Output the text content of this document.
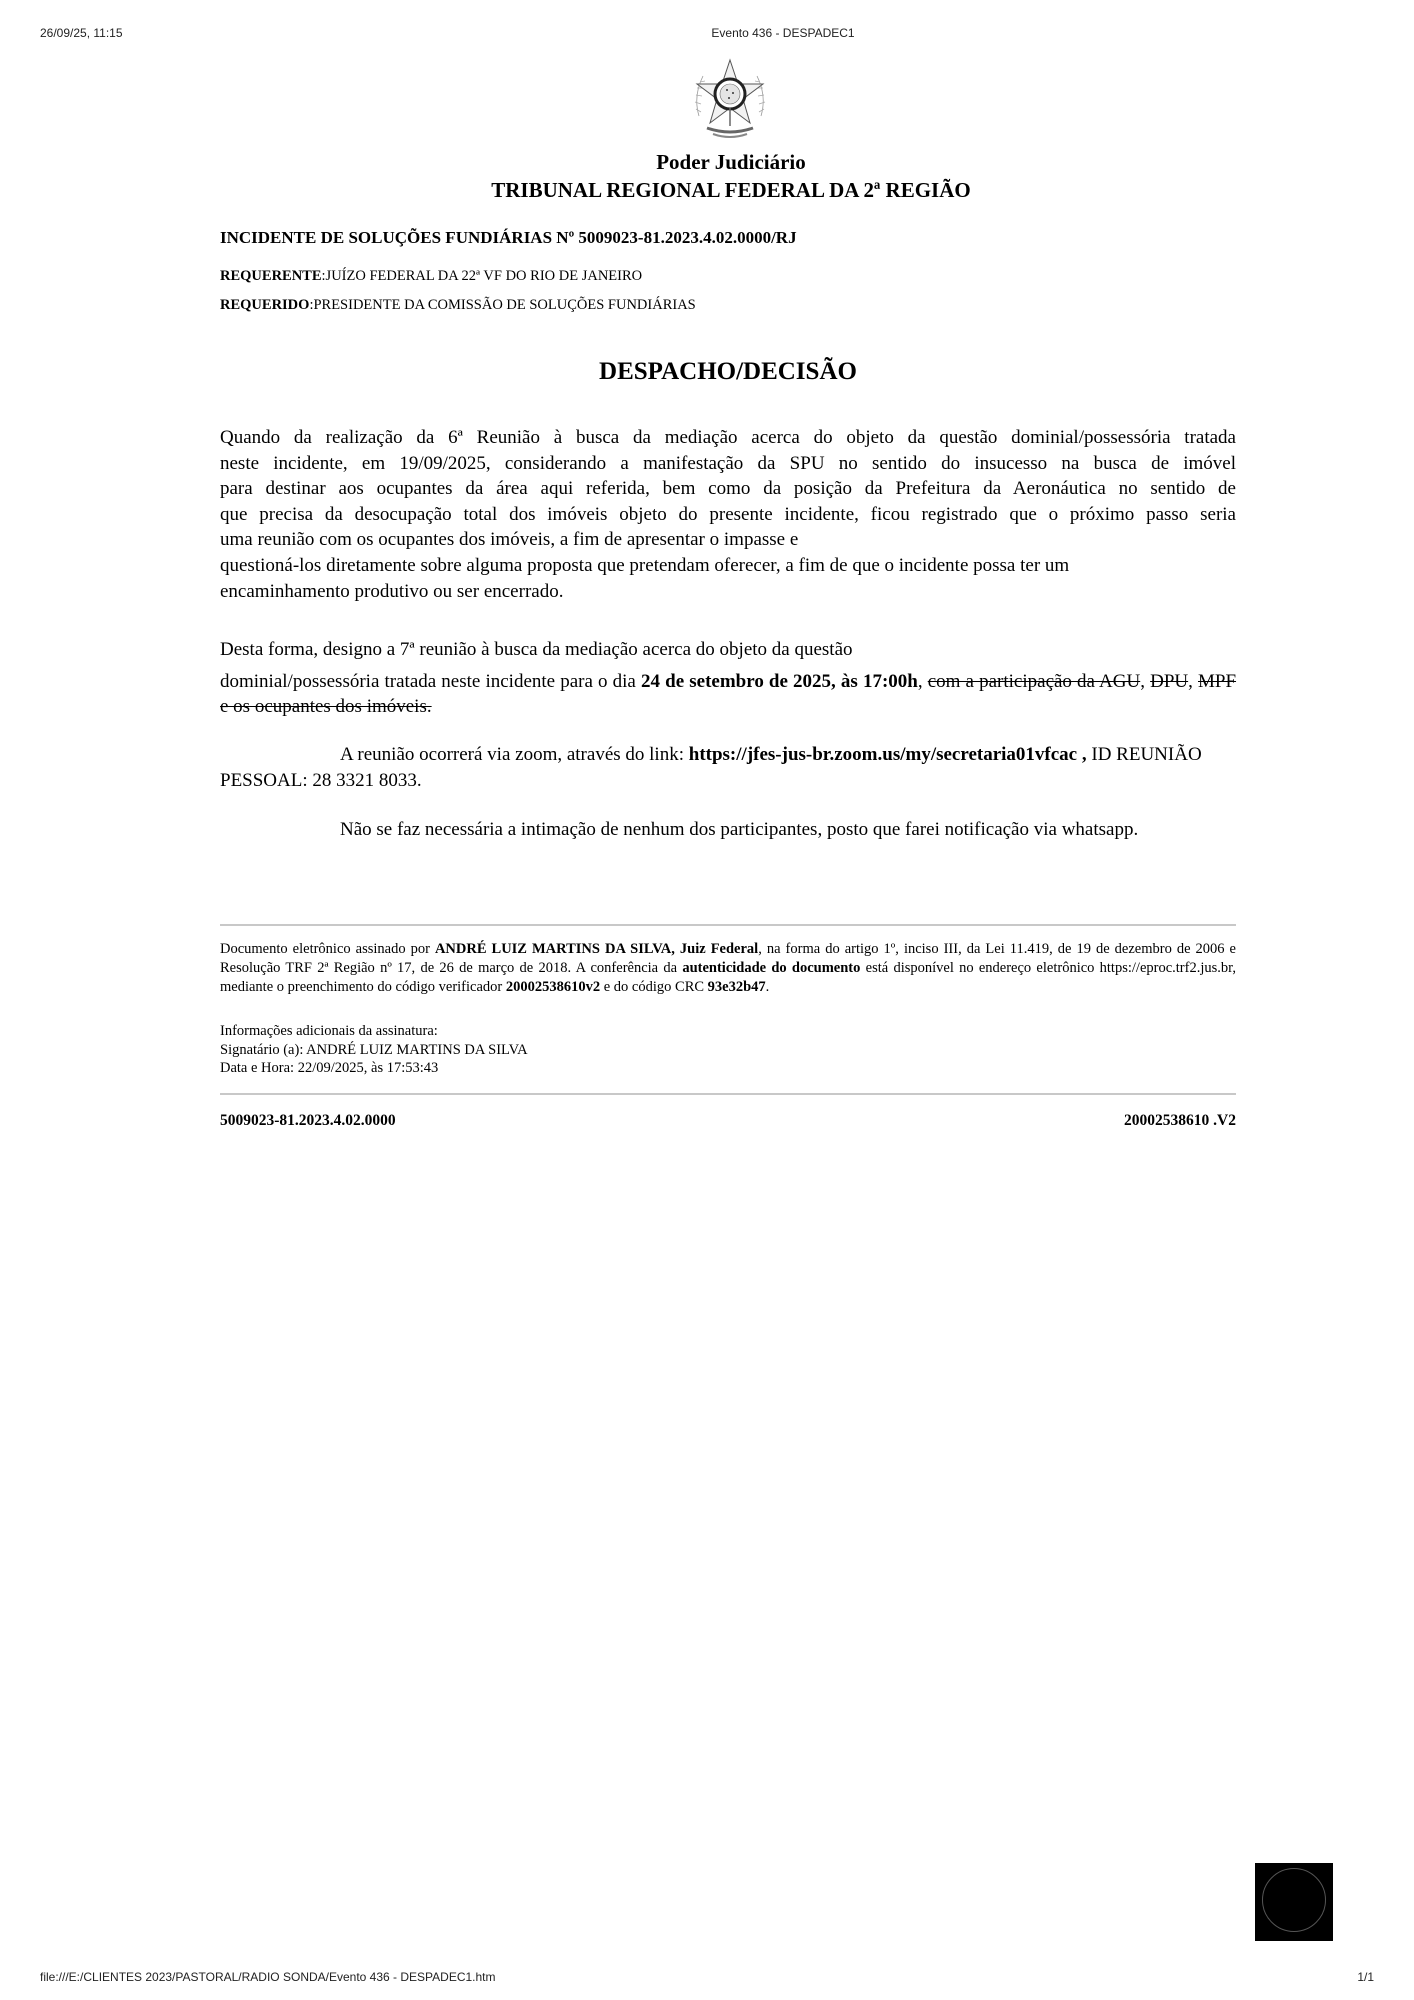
26/09/25, 11:15	Evento 436 - DESPADEC1
Poder Judiciário
TRIBUNAL REGIONAL FEDERAL DA 2ª REGIÃO
INCIDENTE DE SOLUÇÕES FUNDIÁRIAS Nº 5009023-81.2023.4.02.0000/RJ
REQUERENTE:JUÍZO FEDERAL DA 22ª VF DO RIO DE JANEIRO
REQUERIDO:PRESIDENTE DA COMISSÃO DE SOLUÇÕES FUNDIÁRIAS
DESPACHO/DECISÃO
Quando da realização da 6ª Reunião à busca da mediação acerca do objeto da questão dominial/possessória tratada
neste incidente, em 19/09/2025, considerando a manifestação da SPU no sentido do insucesso na busca de imóvel
para destinar aos ocupantes da área aqui referida, bem como da posição da Prefeitura da Aeronáutica no sentido de
que precisa da desocupação total dos imóveis objeto do presente incidente, ficou registrado que o próximo passo seria
uma reunião com os ocupantes dos imóveis, a fim de apresentar o impasse e
questioná-los diretamente sobre alguma proposta que pretendam oferecer, a fim de que o incidente possa ter um
encaminhamento produtivo ou ser encerrado.
Desta forma, designo a 7ª reunião à busca da mediação acerca do objeto da questão
dominial/possessória tratada neste incidente para o dia 24 de setembro de 2025, às 17:00h, com a participação da AGU, DPU, MPF e os ocupantes dos imóveis.
A reunião ocorrerá via zoom, através do link: https://jfes-jus-br.zoom.us/my/secretaria01vfcac , ID REUNIÃO PESSOAL: 28 3321 8033.
Não se faz necessária a intimação de nenhum dos participantes, posto que farei notificação via whatsapp.
Documento eletrônico assinado por ANDRÉ LUIZ MARTINS DA SILVA, Juiz Federal, na forma do artigo 1º, inciso III, da Lei 11.419, de 19 de dezembro de 2006 e Resolução TRF 2ª Região nº 17, de 26 de março de 2018. A conferência da autenticidade do documento está disponível no endereço eletrônico https://eproc.trf2.jus.br, mediante o preenchimento do código verificador 20002538610v2 e do código CRC 93e32b47.
Informações adicionais da assinatura:
Signatário (a): ANDRÉ LUIZ MARTINS DA SILVA
Data e Hora: 22/09/2025, às 17:53:43
5009023-81.2023.4.02.0000	20002538610 .V2
file:///E:/CLIENTES 2023/PASTORAL/RADIO SONDA/Evento 436 - DESPADEC1.htm	1/1
